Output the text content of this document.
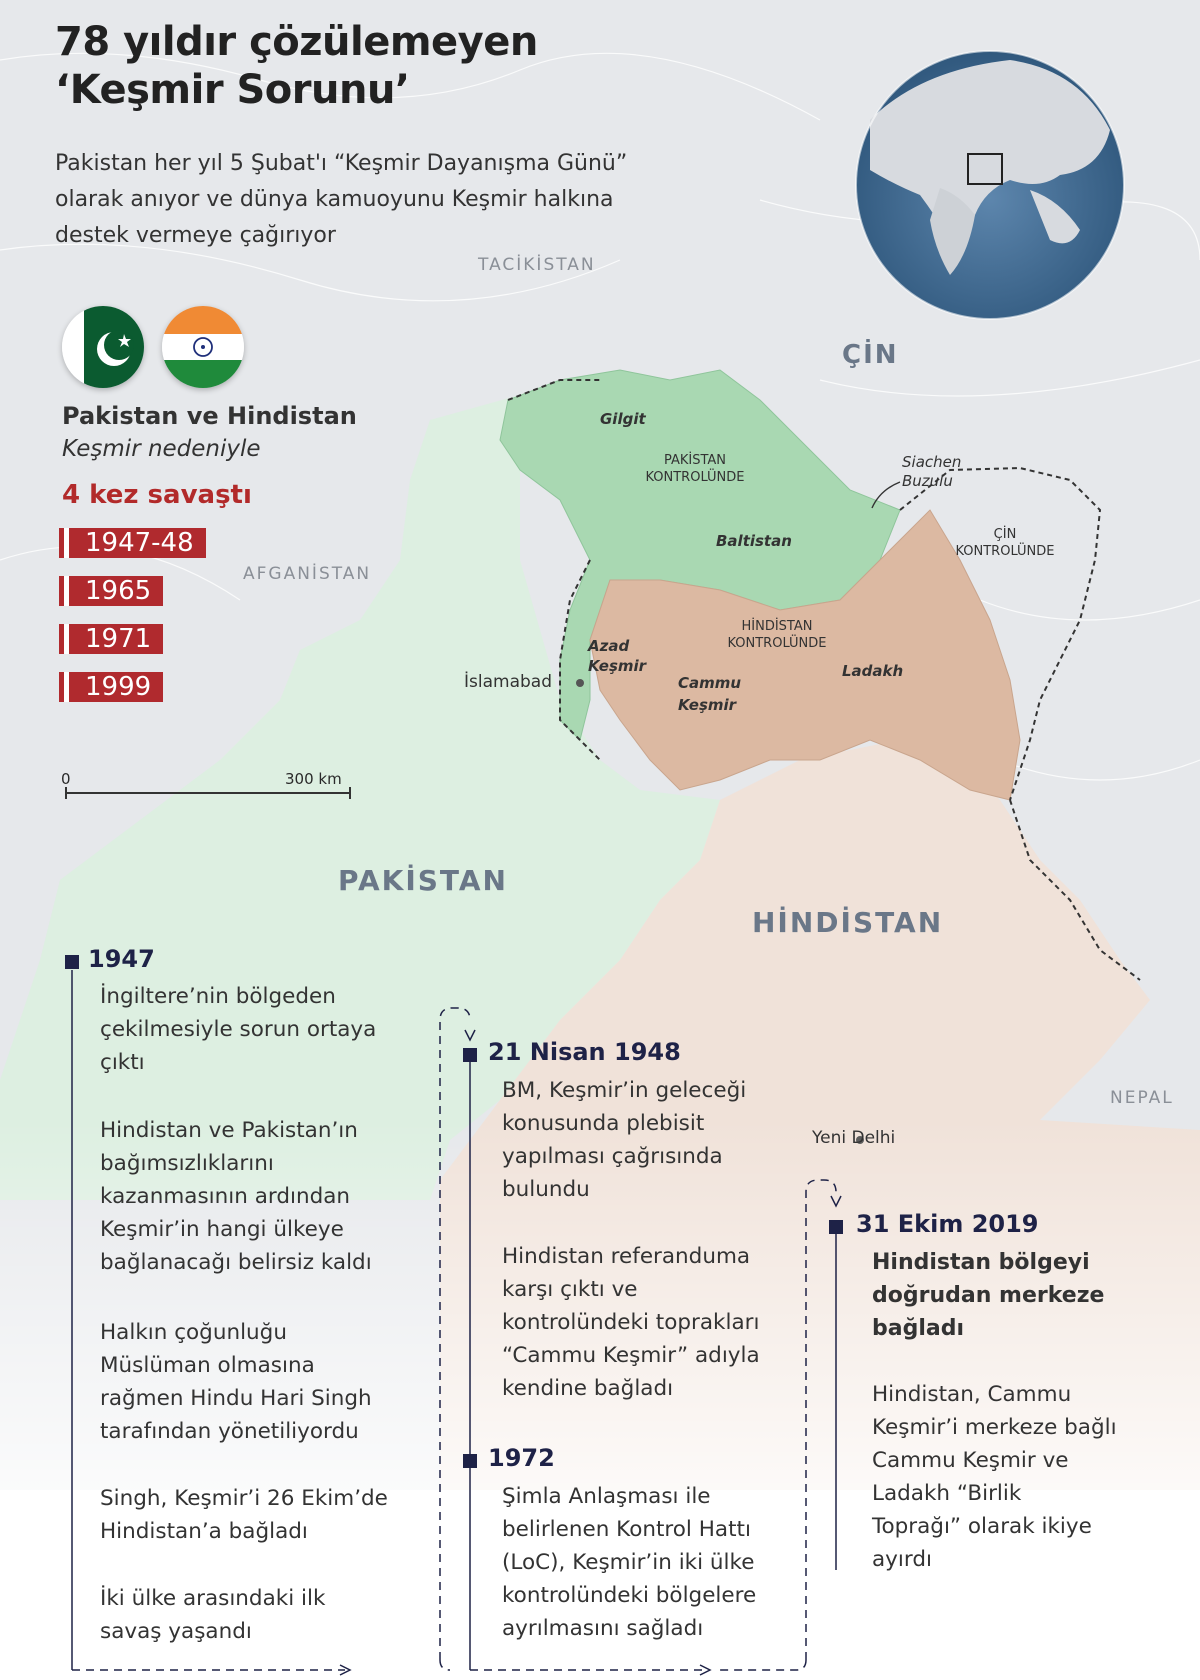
78 yıldır çözülemeyen
‘Keşmir Sorunu’
Pakistan her yıl 5 Şubat'ı “Keşmir Dayanışma Günü”
olarak anıyor ve dünya kamuoyunu Keşmir halkına
destek vermeye çağırıyor
Pakistan ve Hindistan
Keşmir nedeniyle
4 kez savaştı
1947-48
1965
1971
1999
0	300 km
TACİKİSTAN
ÇİN
AFGANİSTAN
PAKİSTAN
HİNDİSTAN
NEPAL
İslamabad
Yeni Delhi
Gilgit
PAKİSTAN
KONTROLÜNDE
Baltistan
Siachen
Buzulu
ÇİN
KONTROLÜNDE
HİNDİSTAN
KONTROLÜNDE
Azad
Keşmir
Cammu
Keşmir
Ladakh
1947
İngiltere’nin bölgeden
çekilmesiyle sorun ortaya
çıktı
Hindistan ve Pakistan’ın
bağımsızlıklarını
kazanmasının ardından
Keşmir’in hangi ülkeye
bağlanacağı belirsiz kaldı
Halkın çoğunluğu
Müslüman olmasına
rağmen Hindu Hari Singh
tarafından yönetiliyordu
Singh, Keşmir’i 26 Ekim’de
Hindistan’a bağladı
İki ülke arasındaki ilk
savaş yaşandı
21 Nisan 1948
BM, Keşmir’in geleceği
konusunda plebisit
yapılması çağrısında
bulundu
Hindistan referanduma
karşı çıktı ve
kontrolündeki toprakları
“Cammu Keşmir” adıyla
kendine bağladı
1972
Şimla Anlaşması ile
belirlenen Kontrol Hattı
(LoC), Keşmir’in iki ülke
kontrolündeki bölgelere
ayrılmasını sağladı
31 Ekim 2019
Hindistan bölgeyi
doğrudan merkeze
bağladı
Hindistan, Cammu
Keşmir’i merkeze bağlı
Cammu Keşmir ve
Ladakh “Birlik
Toprağı” olarak ikiye
ayırdı
